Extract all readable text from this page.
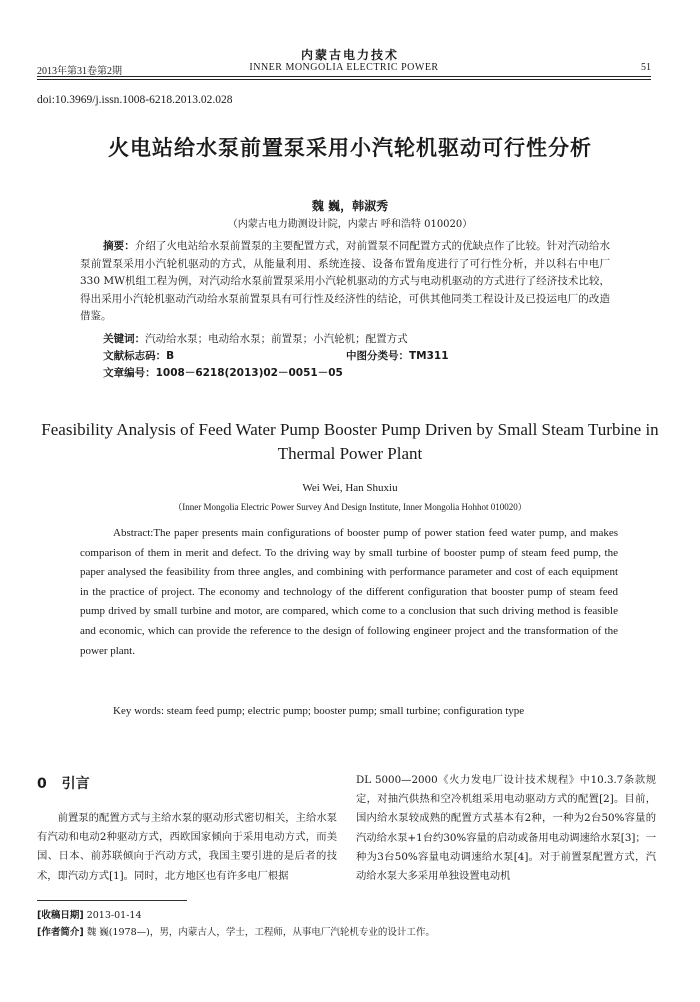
内蒙古电力技术
2013年第31卷第2期	INNER MONGOLIA ELECTRIC POWER	51
doi:10.3969/j.issn.1008-6218.2013.02.028
火电站给水泵前置泵采用小汽轮机驱动可行性分析
魏 巍，韩淑秀
（内蒙古电力勘测设计院，内蒙古 呼和浩特 010020）
摘要：介绍了火电站给水泵前置泵的主要配置方式，对前置泵不同配置方式的优缺点作了比较。针对汽动给水泵前置泵采用小汽轮机驱动的方式，从能量利用、系统连接、设备布置角度进行了可行性分析，并以科右中电厂330 MW机组工程为例，对汽动给水泵前置泵采用小汽轮机驱动的方式与电动机驱动的方式进行了经济技术比较，得出采用小汽轮机驱动汽动给水泵前置泵具有可行性及经济性的结论，可供其他同类工程设计及已投运电厂的改造借鉴。
关键词：汽动给水泵；电动给水泵；前置泵；小汽轮机；配置方式
文献标志码：B	中图分类号：TM311
文章编号：1008－6218(2013)02－0051－05
Feasibility Analysis of Feed Water Pump Booster Pump Driven by Small Steam Turbine in Thermal Power Plant
Wei Wei, Han Shuxiu
（Inner Mongolia Electric Power Survey And Design Institute, Inner Mongolia Hohhot 010020）
Abstract:The paper presents main configurations of booster pump of power station feed water pump, and makes comparison of them in merit and defect. To the driving way by small turbine of booster pump of steam feed pump, the paper analysed the feasibility from three angles, and combining with performance parameter and cost of each equipment in the practice of project. The economy and technology of the different configuration that booster pump of steam feed pump drived by small turbine and motor, are compared, which come to a conclusion that such driving method is feasible and economic, which can provide the reference to the design of following engineer project and the transformation of the power plant.
Key words: steam feed pump; electric pump; booster pump; small turbine; configuration type
0 引言
前置泵的配置方式与主给水泵的驱动形式密切相关，主给水泵有汽动和电动2种驱动方式，西欧国家倾向于采用电动方式，而美国、日本、前苏联倾向于汽动方式，我国主要引进的是后者的技术，即汽动方式[1]。同时，北方地区也有许多电厂根据
DL 5000—2000《火力发电厂设计技术规程》中10.3.7条款规定，对抽汽供热和空冷机组采用电动驱动方式的配置[2]。目前，国内给水泵较成熟的配置方式基本有2种，一种为2台50%容量的汽动给水泵+1台约30%容量的启动或备用电动调速给水泵[3]；一种为3台50%容量电动调速给水泵[4]。对于前置泵配置方式，汽动给水泵大多采用单独设置电动机
[收稿日期] 2013-01-14
[作者简介] 魏 巍(1978—)，男，内蒙古人，学士，工程师，从事电厂汽轮机专业的设计工作。
